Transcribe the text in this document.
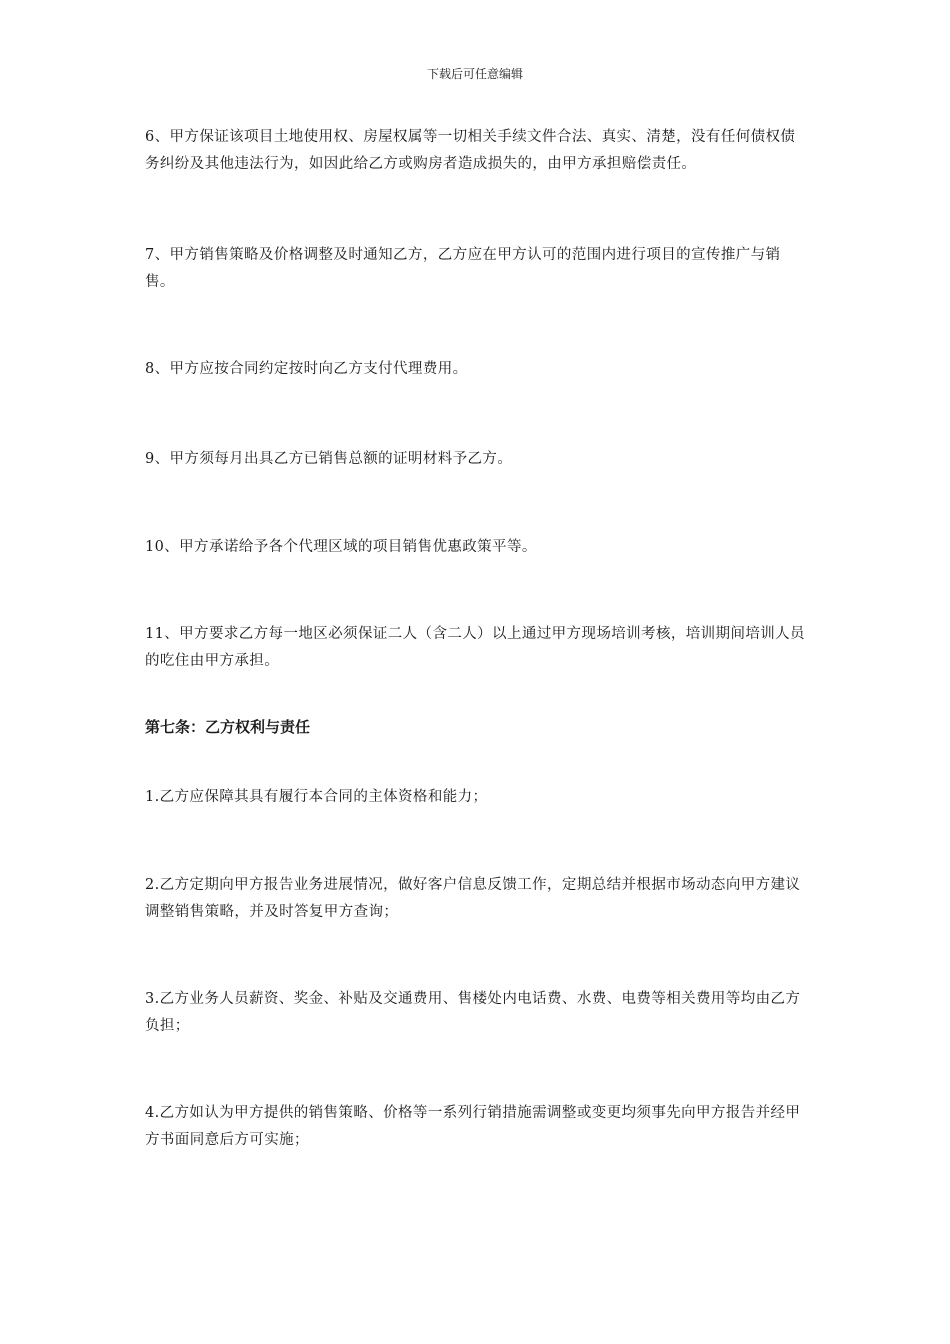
下载后可任意编辑

6、甲方保证该项目土地使用权、房屋权属等一切相关手续文件合法、真实、清楚，没有任何债权债务纠纷及其他违法行为，如因此给乙方或购房者造成损失的，由甲方承担赔偿责任。

7、甲方销售策略及价格调整及时通知乙方，乙方应在甲方认可的范围内进行项目的宣传推广与销售。

8、甲方应按合同约定按时向乙方支付代理费用。

9、甲方须每月出具乙方已销售总额的证明材料予乙方。

10、甲方承诺给予各个代理区域的项目销售优惠政策平等。

11、甲方要求乙方每一地区必须保证二人（含二人）以上通过甲方现场培训考核，培训期间培训人员的吃住由甲方承担。

第七条：乙方权利与责任

1.乙方应保障其具有履行本合同的主体资格和能力；

2.乙方定期向甲方报告业务进展情况，做好客户信息反馈工作，定期总结并根据市场动态向甲方建议调整销售策略，并及时答复甲方查询；

3.乙方业务人员薪资、奖金、补贴及交通费用、售楼处内电话费、水费、电费等相关费用等均由乙方负担；

4.乙方如认为甲方提供的销售策略、价格等一系列行销措施需调整或变更均须事先向甲方报告并经甲方书面同意后方可实施；
